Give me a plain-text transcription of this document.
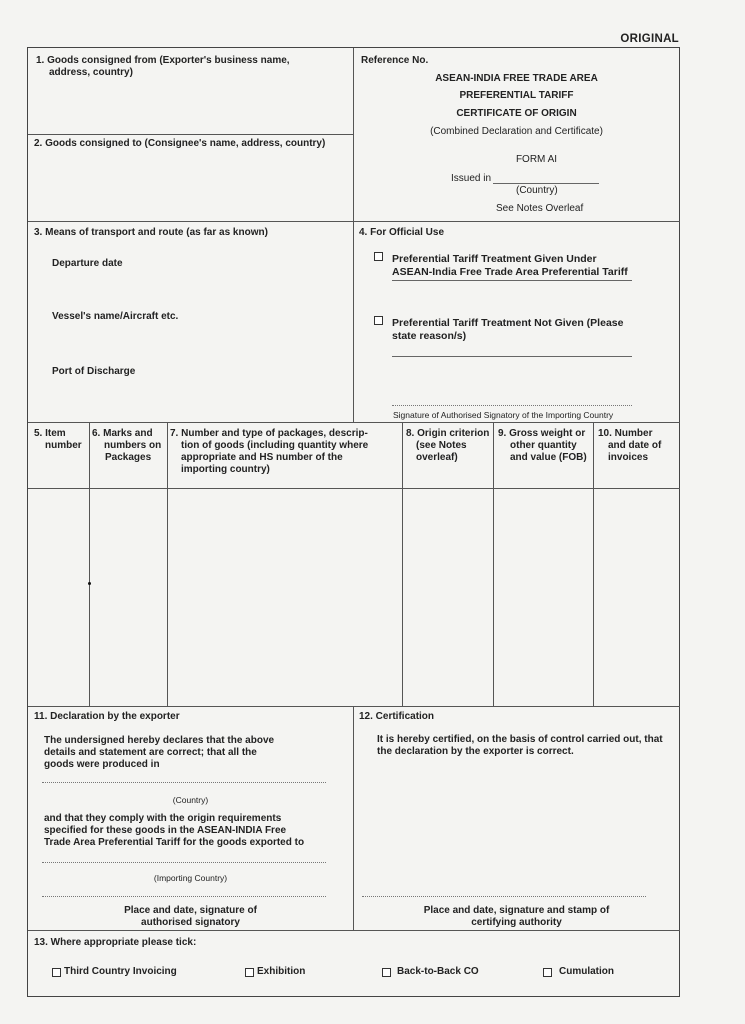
ORIGINAL
1. Goods consigned from (Exporter's business name,
address, country)
2. Goods consigned to (Consignee's name, address, country)
Reference No.
ASEAN-INDIA FREE TRADE AREA
PREFERENTIAL TARIFF
CERTIFICATE OF ORIGIN
(Combined Declaration and Certificate)
FORM AI
Issued in
(Country)
See Notes Overleaf
3. Means of transport and route (as far as known)
Departure date
Vessel's name/Aircraft etc.
Port of Discharge
4. For Official Use
Preferential Tariff Treatment Given Under
ASEAN-India Free Trade Area Preferential Tariff
Preferential Tariff Treatment Not Given (Please
state reason/s)
Signature of Authorised Signatory of the Importing Country
5. Item
number
6. Marks and
numbers on
Packages
7. Number and type of packages, descrip-
tion of goods (including quantity where
appropriate and HS number of the
importing country)
8. Origin criterion
(see Notes
overleaf)
9. Gross weight or
other quantity
and value (FOB)
10. Number
and date of
invoices
11. Declaration by the exporter
The undersigned hereby declares that the above
details and statement are correct; that all the
goods were produced in
(Country)
and that they comply with the origin requirements
specified for these goods in the ASEAN-INDIA Free
Trade Area Preferential Tariff for the goods exported to
(Importing Country)
Place and date, signature of
authorised signatory
12. Certification
It is hereby certified, on the basis of control carried out, that
the declaration by the exporter is correct.
Place and date, signature and stamp of
certifying authority
13. Where appropriate please tick:
Third Country Invoicing	Exhibition	Back-to-Back CO	Cumulation
